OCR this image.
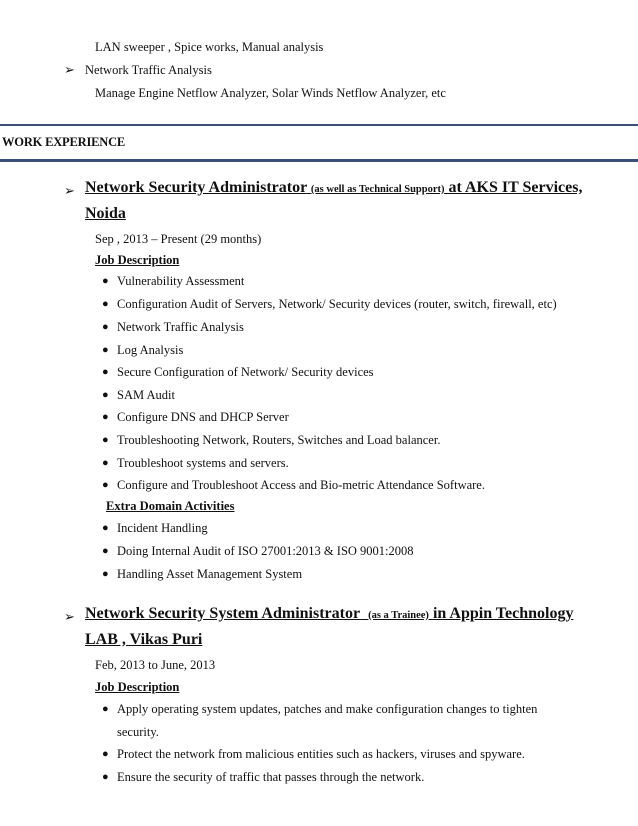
LAN sweeper , Spice works, Manual analysis
➢ Network Traffic Analysis
Manage Engine Netflow Analyzer, Solar Winds Netflow Analyzer, etc
WORK EXPERIENCE
➢ Network Security Administrator (as well as Technical Support) at AKS IT Services,
Noida
Sep , 2013 – Present (29 months)
Job Description
● Vulnerability Assessment
● Configuration Audit of Servers, Network/ Security devices (router, switch, firewall, etc)
● Network Traffic Analysis
● Log Analysis
● Secure Configuration of Network/ Security devices
● SAM Audit
● Configure DNS and DHCP Server
● Troubleshooting Network, Routers, Switches and Load balancer.
● Troubleshoot systems and servers.
● Configure and Troubleshoot Access and Bio-metric Attendance Software.
Extra Domain Activities
● Incident Handling
● Doing Internal Audit of ISO 27001:2013 & ISO 9001:2008
● Handling Asset Management System
➢ Network Security System Administrator (as a Trainee) in Appin Technology
LAB , Vikas Puri
Feb, 2013 to June, 2013
Job Description
● Apply operating system updates, patches and make configuration changes to tighten
security.
● Protect the network from malicious entities such as hackers, viruses and spyware.
● Ensure the security of traffic that passes through the network.
